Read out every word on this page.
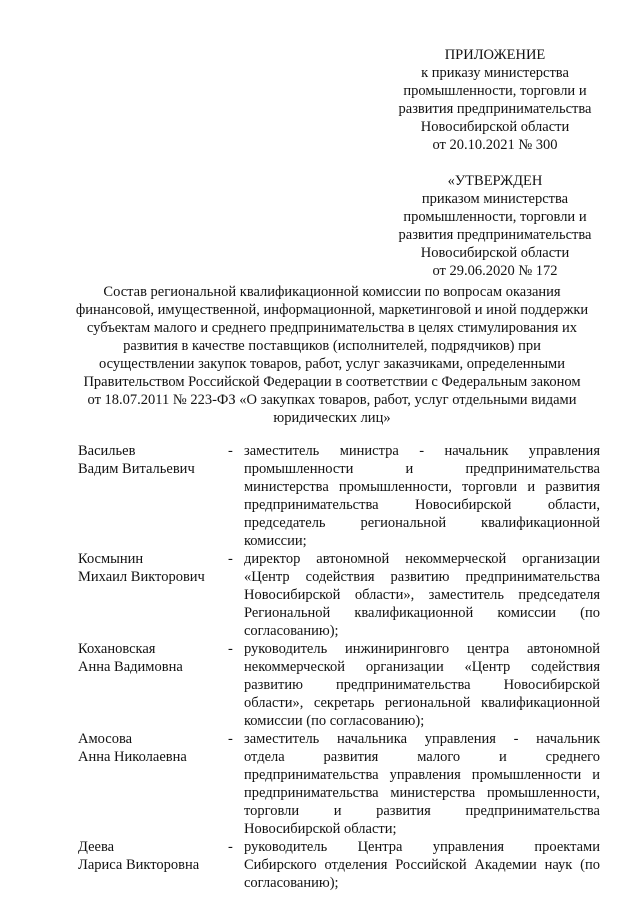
ПРИЛОЖЕНИЕ
к приказу министерства
промышленности, торговли и
развития предпринимательства
Новосибирской области
от 20.10.2021 № 300
«УТВЕРЖДЕН
приказом министерства
промышленности, торговли и
развития предпринимательства
Новосибирской области
от 29.06.2020 № 172
Состав региональной квалификационной комиссии по вопросам оказания
финансовой, имущественной, информационной, маркетинговой и иной поддержки
субъектам малого и среднего предпринимательства в целях стимулирования их
развития в качестве поставщиков (исполнителей, подрядчиков) при
осуществлении закупок товаров, работ, услуг заказчиками, определенными
Правительством Российской Федерации в соответствии с Федеральным законом
от 18.07.2011 № 223-ФЗ «О закупках товаров, работ, услуг отдельными видами
юридических лиц»
Васильев
Вадим Витальевич
- заместитель министра - начальник управления
промышленности и предпринимательства
министерства промышленности, торговли и развития
предпринимательства Новосибирской области,
председатель региональной квалификационной
комиссии;
Космынин
Михаил Викторович
- директор автономной некоммерческой организации
«Центр содействия развитию предпринимательства
Новосибирской области», заместитель председателя
Региональной квалификационной комиссии (по
согласованию);
Кохановская
Анна Вадимовна
- руководитель инжиниринговго центра автономной
некоммерческой организации «Центр содействия
развитию предпринимательства Новосибирской
области», секретарь региональной квалификационной
комиссии (по согласованию);
Амосова
Анна Николаевна
- заместитель начальника управления - начальник
отдела развития малого и среднего
предпринимательства управления промышленности и
предпринимательства министерства промышленности,
торговли и развития предпринимательства
Новосибирской области;
Деева
Лариса Викторовна
- руководитель Центра управления проектами
Сибирского отделения Российской Академии наук (по
согласованию);
